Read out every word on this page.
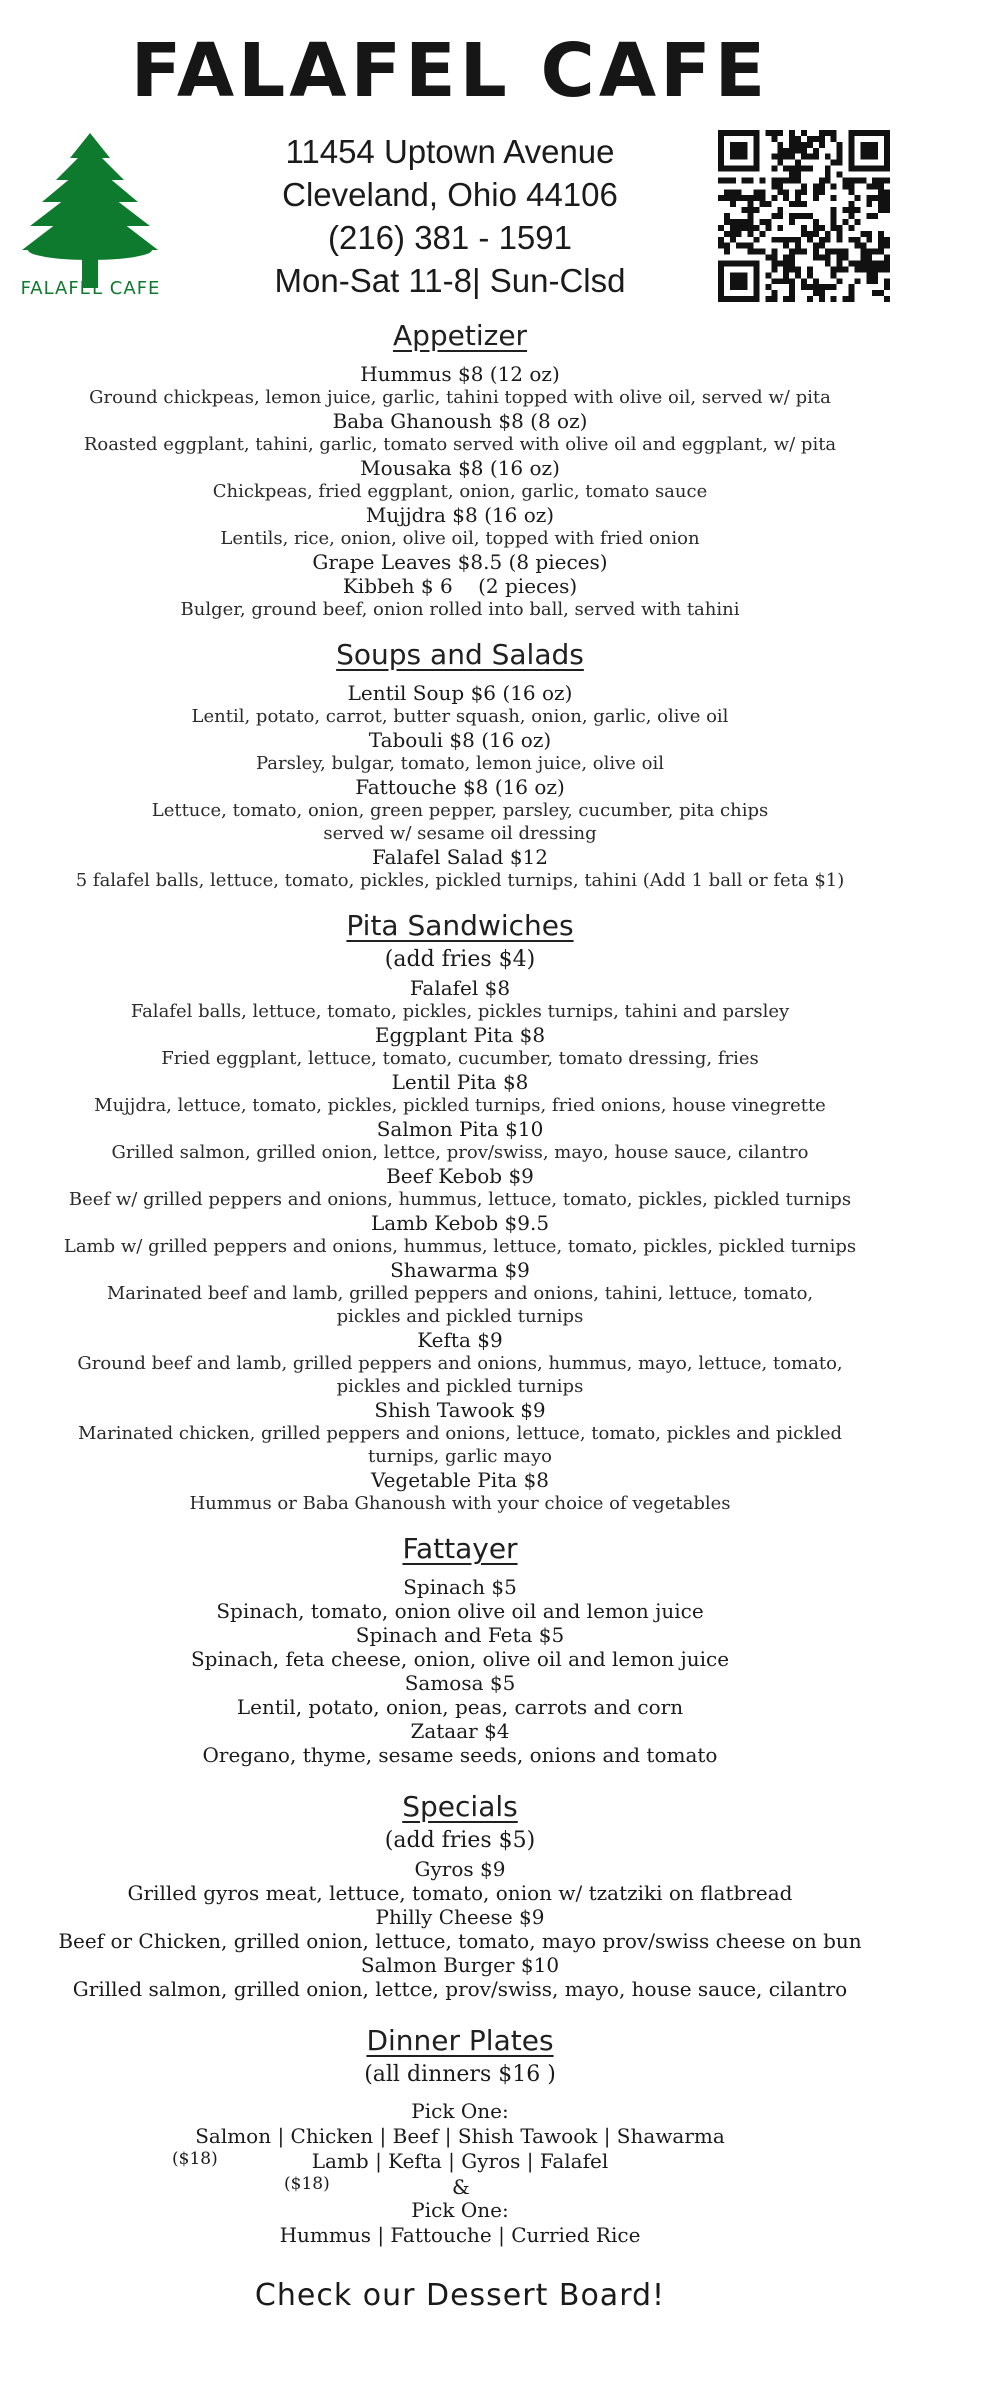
FALAFEL CAFE
FALAFEL CAFE
11454 Uptown Avenue
Cleveland, Ohio 44106
(216) 381 - 1591
Mon-Sat 11-8| Sun-Clsd
Appetizer
Hummus $8 (12 oz)
Ground chickpeas, lemon juice, garlic, tahini topped with olive oil, served w/ pita
Baba Ghanoush $8 (8 oz)
Roasted eggplant, tahini, garlic, tomato served with olive oil and eggplant, w/ pita
Mousaka $8 (16 oz)
Chickpeas, fried eggplant, onion, garlic, tomato sauce
Mujjdra $8 (16 oz)
Lentils, rice, onion, olive oil, topped with fried onion
Grape Leaves $8.5 (8 pieces)
Kibbeh $ 6    (2 pieces)
Bulger, ground beef, onion rolled into ball, served with tahini
Soups and Salads
Lentil Soup $6 (16 oz)
Lentil, potato, carrot, butter squash, onion, garlic, olive oil
Tabouli $8 (16 oz)
Parsley, bulgar, tomato, lemon juice, olive oil
Fattouche $8 (16 oz)
Lettuce, tomato, onion, green pepper, parsley, cucumber, pita chips
served w/ sesame oil dressing
Falafel Salad $12
5 falafel balls, lettuce, tomato, pickles, pickled turnips, tahini (Add 1 ball or feta $1)
Pita Sandwiches
(add fries $4)
Falafel $8
Falafel balls, lettuce, tomato, pickles, pickles turnips, tahini and parsley
Eggplant Pita $8
Fried eggplant, lettuce, tomato, cucumber, tomato dressing, fries
Lentil Pita $8
Mujjdra, lettuce, tomato, pickles, pickled turnips, fried onions, house vinegrette
Salmon Pita $10
Grilled salmon, grilled onion, lettce, prov/swiss, mayo, house sauce, cilantro
Beef Kebob $9
Beef w/ grilled peppers and onions, hummus, lettuce, tomato, pickles, pickled turnips
Lamb Kebob $9.5
Lamb w/ grilled peppers and onions, hummus, lettuce, tomato, pickles, pickled turnips
Shawarma $9
Marinated beef and lamb, grilled peppers and onions, tahini, lettuce, tomato,
pickles and pickled turnips
Kefta $9
Ground beef and lamb, grilled peppers and onions, hummus, mayo, lettuce, tomato,
pickles and pickled turnips
Shish Tawook $9
Marinated chicken, grilled peppers and onions, lettuce, tomato, pickles and pickled
turnips, garlic mayo
Vegetable Pita $8
Hummus or Baba Ghanoush with your choice of vegetables
Fattayer
Spinach $5
Spinach, tomato, onion olive oil and lemon juice
Spinach and Feta $5
Spinach, feta cheese, onion, olive oil and lemon juice
Samosa $5
Lentil, potato, onion, peas, carrots and corn
Zataar $4
Oregano, thyme, sesame seeds, onions and tomato
Specials
(add fries $5)
Gyros $9
Grilled gyros meat, lettuce, tomato, onion w/ tzatziki on flatbread
Philly Cheese $9
Beef or Chicken, grilled onion, lettuce, tomato, mayo prov/swiss cheese on bun
Salmon Burger $10
Grilled salmon, grilled onion, lettce, prov/swiss, mayo, house sauce, cilantro
Dinner Plates
(all dinners $16 )
Pick One:
Salmon | Chicken | Beef | Shish Tawook | Shawarma
($18)	Lamb | Kefta | Gyros | Falafel
($18)	&
Pick One:
Hummus | Fattouche | Curried Rice
Check our Dessert Board!
